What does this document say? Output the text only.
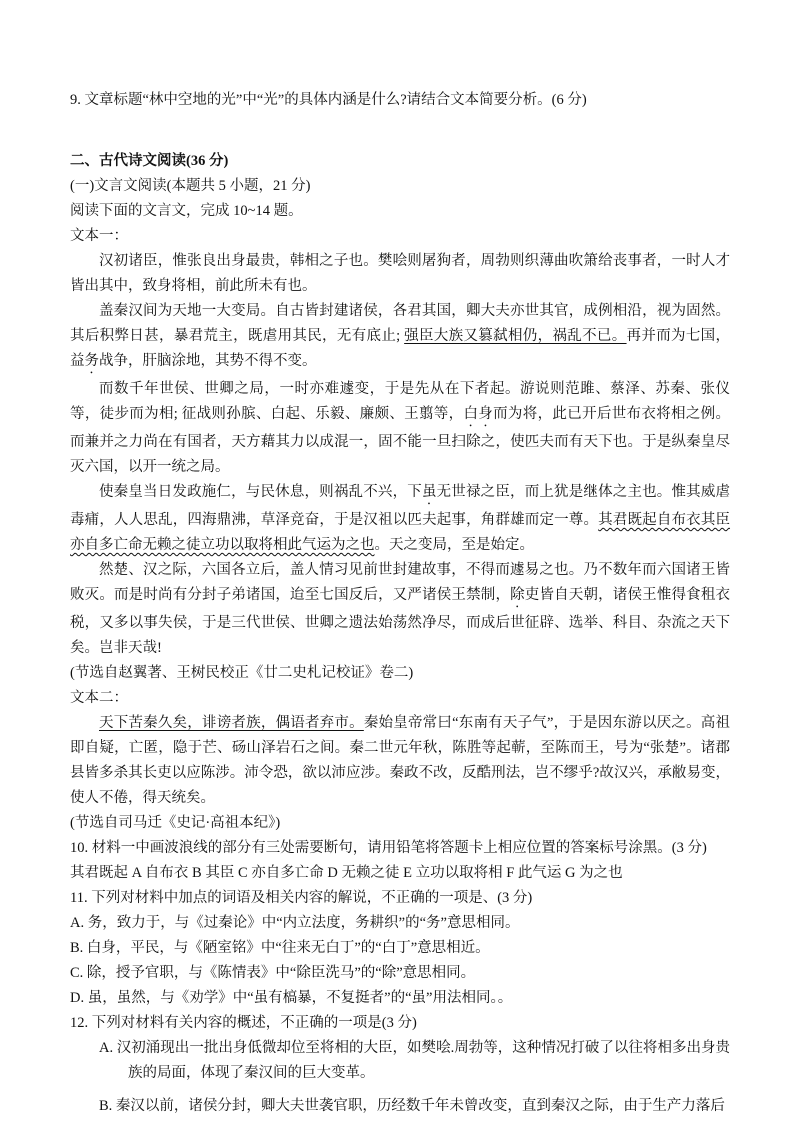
9. 文章标题“林中空地的光”中“光”的具体内涵是什么?请结合文本简要分析。(6 分)

二、古代诗文阅读(36 分)

(一)文言文阅读(本题共 5 小题，21 分)

阅读下面的文言文，完成 10~14 题。

文本一：

汉初诸臣，惟张良出身最贵，韩相之子也。樊哙则屠狗者，周勃则织薄曲吹箫给丧事者，一时人才皆出其中，致身将相，前此所未有也。

盖秦汉间为天地一大变局。自古皆封建诸侯，各君其国，卿大夫亦世其官，成例相沿，视为固然。其后积弊日甚，暴君荒主，既虐用其民，无有底止; 强臣大族又篡弑相仍，祸乱不已。再并而为七国，益务战争，肝脑涂地，其势不得不变。

而数千年世侯、世卿之局，一时亦难遽变，于是先从在下者起。游说则范雎、蔡泽、苏秦、张仪等，徒步而为相; 征战则孙膑、白起、乐毅、廉颇、王翦等，白身而为将，此已开后世布衣将相之例。而兼并之力尚在有国者，天方藉其力以成混一，固不能一旦扫除之，使匹夫而有天下也。于是纵秦皇尽灭六国，以开一统之局。

使秦皇当日发政施仁，与民休息，则祸乱不兴，下虽无世禄之臣，而上犹是继体之主也。惟其威虐毒痡，人人思乱，四海鼎沸，草泽竞奋，于是汉祖以匹夫起事，角群雄而定一尊。其君既起自布衣其臣亦自多亡命无赖之徒立功以取将相此气运为之也。天之变局，至是始定。

然楚、汉之际，六国各立后，盖人情习见前世封建故事，不得而遽易之也。乃不数年而六国诸王皆败灭。而是时尚有分封子弟诸国，迨至七国反后，又严诸侯王禁制，除吏皆自天朝，诸侯王惟得食租衣税，又多以事失侯，于是三代世侯、世卿之遗法始荡然净尽，而成后世征辟、选举、科目、杂流之天下矣。岂非天哉!

(节选自赵翼著、王树民校正《廿二史札记校证》卷二)

文本二：

天下苦秦久矣，诽谤者族，偶语者弃市。秦始皇帝常曰“东南有天子气”，于是因东游以厌之。高祖即自疑，亡匿，隐于芒、砀山泽岩石之间。秦二世元年秋，陈胜等起蕲，至陈而王，号为“张楚”。诸郡县皆多杀其长吏以应陈涉。沛令恐，欲以沛应涉。秦政不改，反酷刑法，岂不缪乎?故汉兴，承敝易变，使人不倦，得天统矣。

(节选自司马迁《史记·高祖本纪》)

10. 材料一中画波浪线的部分有三处需要断句，请用铅笔将答题卡上相应位置的答案标号涂黑。(3 分)

其君既起 A 自布衣 B 其臣 C 亦自多亡命 D 无赖之徒 E 立功以取将相 F 此气运 G 为之也

11. 下列对材料中加点的词语及相关内容的解说，不正确的一项是、(3 分)

A. 务，致力于，与《过秦论》中“内立法度，务耕织”的“务”意思相同。

B. 白身，平民，与《陋室铭》中“往来无白丁”的“白丁”意思相近。

C. 除，授予官职，与《陈情表》中“除臣洗马”的“除”意思相同。

D. 虽，虽然，与《劝学》中“虽有槁暴，不复挺者”的“虽”用法相同。。

12. 下列对材料有关内容的概述，不正确的一项是(3 分)

A. 汉初涌现出一批出身低微却位至将相的大臣，如樊哙.周勃等，这种情况打破了以往将相多出身贵族的局面，体现了秦汉间的巨大变革。

B. 秦汉以前，诸侯分封，卿大夫世袭官职，历经数千年未曾改变，直到秦汉之际，由于生产力落后
